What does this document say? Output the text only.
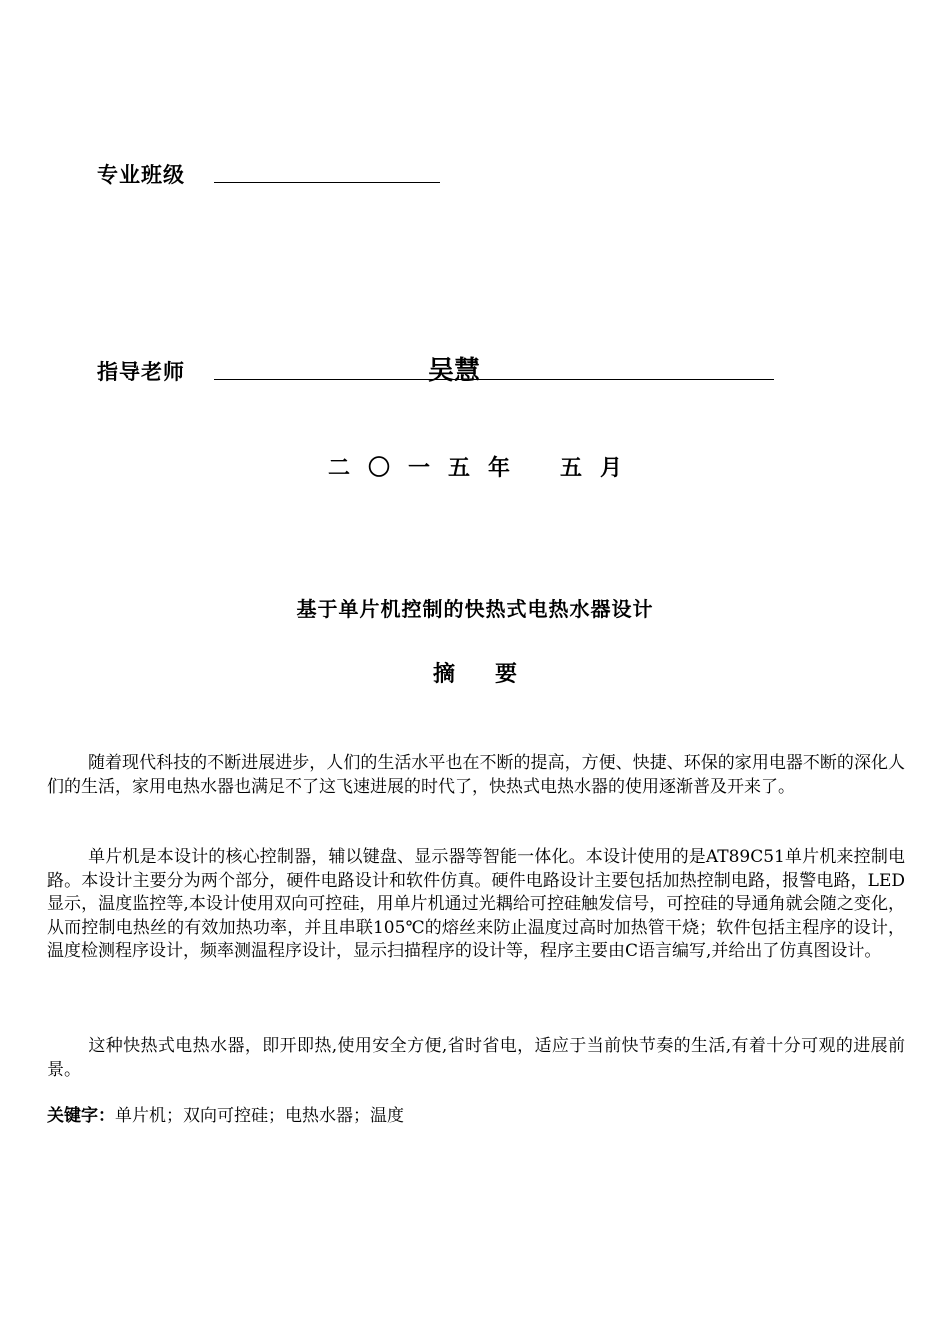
专业班级
指导老师	吴慧
二 〇 一 五 年 五 月
基于单片机控制的快热式电热水器设计
摘 要
随着现代科技的不断进展进步，人们的生活水平也在不断的提高，方便、快捷、环保的家用电器不断的深化人们的生活，家用电热水器也满足不了这飞速进展的时代了，快热式电热水器的使用逐渐普及开来了。
单片机是本设计的核心控制器，辅以键盘、显示器等智能一体化。本设计使用的是AT89C51单片机来控制电路。本设计主要分为两个部分，硬件电路设计和软件仿真。硬件电路设计主要包括加热控制电路，报警电路，LED显示，温度监控等,本设计使用双向可控硅，用单片机通过光耦给可控硅触发信号，可控硅的导通角就会随之变化，从而控制电热丝的有效加热功率，并且串联105℃的熔丝来防止温度过高时加热管干烧；软件包括主程序的设计，温度检测程序设计，频率测温程序设计，显示扫描程序的设计等，程序主要由C语言编写,并给出了仿真图设计。
这种快热式电热水器，即开即热,使用安全方便,省时省电，适应于当前快节奏的生活,有着十分可观的进展前景。
关键字：单片机；双向可控硅；电热水器；温度
